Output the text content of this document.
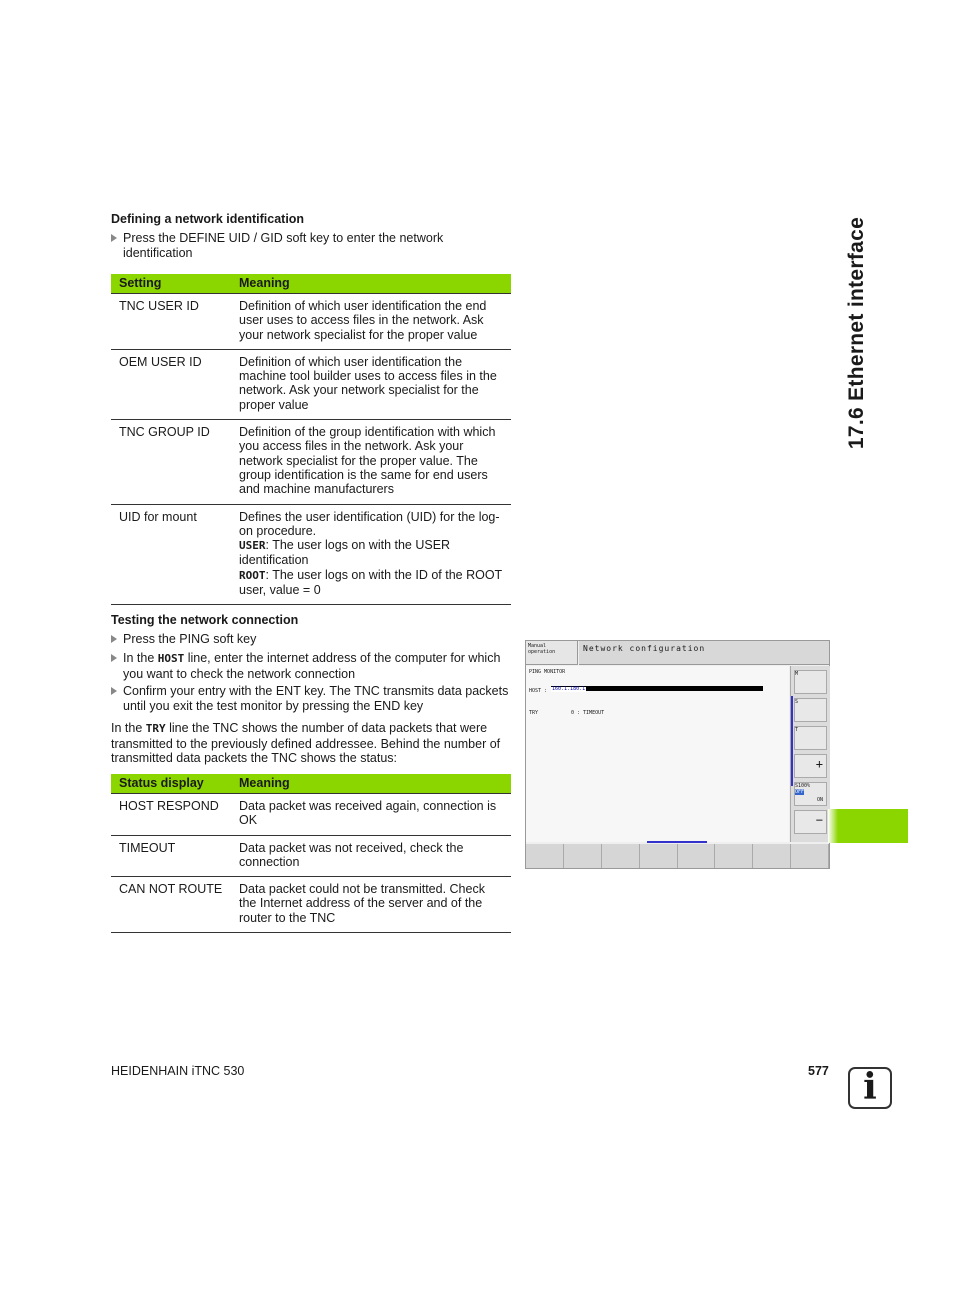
Defining a network identification
Press the DEFINE UID / GID soft key to enter the network identification
Setting	Meaning
TNC USER ID	Definition of which user identification the end user uses to access files in the network. Ask your network specialist for the proper value
OEM USER ID	Definition of which user identification the machine tool builder uses to access files in the network. Ask your network specialist for the proper value
TNC GROUP ID	Definition of the group identification with which you access files in the network. Ask your network specialist for the proper value. The group identification is the same for end users and machine manufacturers
UID for mount	Defines the user identification (UID) for the log-on procedure.
USER: The user logs on with the USER identification
ROOT: The user logs on with the ID of the ROOT user, value = 0
Testing the network connection
Press the PING soft key
In the HOST line, enter the internet address of the computer for which you want to check the network connection
Confirm your entry with the ENT key. The TNC transmits data packets until you exit the test monitor by pressing the END key
In the TRY line the TNC shows the number of data packets that were transmitted to the previously defined addressee. Behind the number of transmitted data packets the TNC shows the status:
Status display	Meaning
HOST RESPOND	Data packet was received again, connection is OK
TIMEOUT	Data packet was not received, check the connection
CAN NOT ROUTE	Data packet could not be transmitted. Check the Internet address of the server and of the router to the TNC
Manual
operation	Network configuration
PING MONITOR
HOST : 160.1.180.1
TRY	0 : TIMEOUT
M
S
T
+
S100%
OFF
ON
−
17.6 Ethernet interface
HEIDENHAIN iTNC 530	577 i
